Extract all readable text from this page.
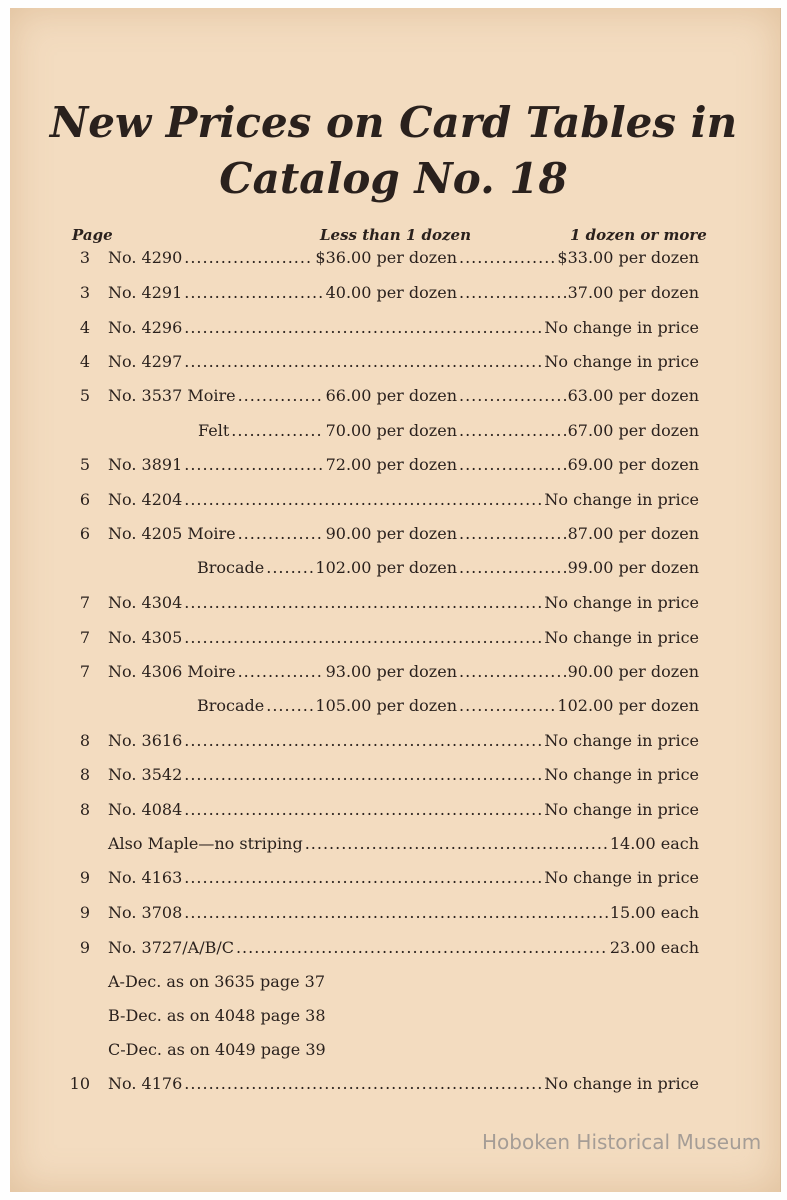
New Prices on Card Tables in
Catalog No. 18
Page	Less than 1 dozen	1 dozen or more
3 No. 4290 .....	$36.00 per dozen .....	$33.00 per dozen
3 No. 4291 .....	40.00 per dozen .....	37.00 per dozen
4 No. 4296 .....	No change in price
4 No. 4297 .....	No change in price
5 No. 3537 Moire .....	66.00 per dozen .....	63.00 per dozen
Felt .....	70.00 per dozen .....	67.00 per dozen
5 No. 3891 .....	72.00 per dozen .....	69.00 per dozen
6 No. 4204 .....	No change in price
6 No. 4205 Moire .....	90.00 per dozen .....	87.00 per dozen
Brocade .....	102.00 per dozen .....	99.00 per dozen
7 No. 4304 .....	No change in price
7 No. 4305 .....	No change in price
7 No. 4306 Moire .....	93.00 per dozen .....	90.00 per dozen
Brocade .....	105.00 per dozen .....	102.00 per dozen
8 No. 3616 .....	No change in price
8 No. 3542 .....	No change in price
8 No. 4084 .....	No change in price
Also Maple—no striping .....	14.00 each
9 No. 4163 .....	No change in price
9 No. 3708 .....	15.00 each
9 No. 3727/A/B/C .....	23.00 each
A-Dec. as on 3635 page 37
B-Dec. as on 4048 page 38
C-Dec. as on 4049 page 39
10 No. 4176 .....	No change in price
Hoboken Historical Museum
